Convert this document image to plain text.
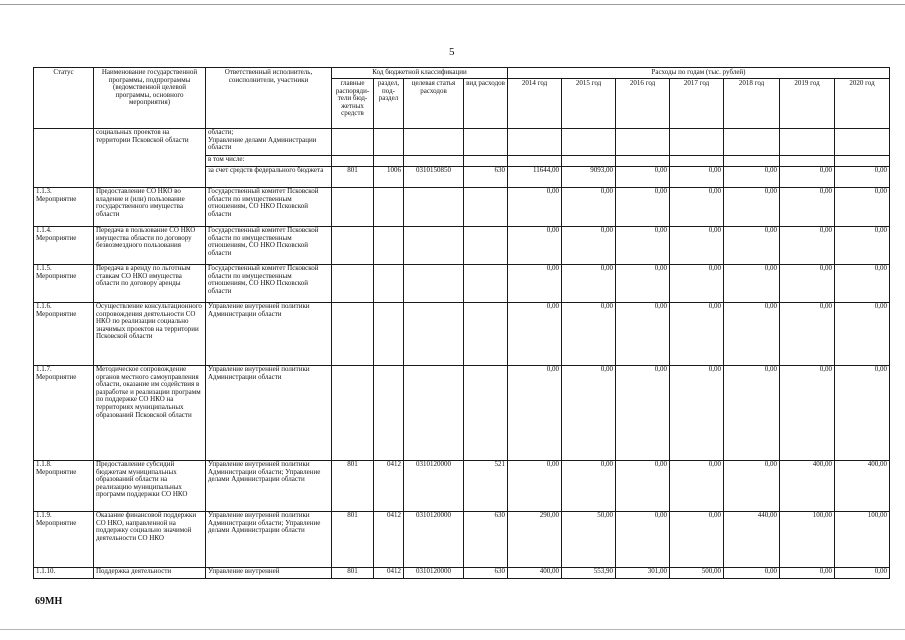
5
Статус	Наименование государственной программы, подпрограммы (ведомственной целевой программы, основного мероприятия)	Ответственный исполнитель, соисполнители, участники	Код бюджетной классификации				Расходы по годам (тыс. рублей)						
			главные распоряди-тели бюд-жетных средств	раздел, под-раздел	целевая статья расходов	вид расходов	2014 год	2015 год	2016 год	2017 год	2018 год	2019 год	2020 год
	социальных проектов на территории Псковской области	области;
Управление делами Администрации области											

		в том числе:											
		за счет средств федерального бюджета	801	1006	0310150850	630	11644,00	9093,00	0,00	0,00	0,00	0,00	0,00
1.1.3. Мероприятие	Предоставление СО НКО во владение и (или) пользование государственного имущества области	Государственный комитет Псковской области по имущественным отношениям, СО НКО Псковской области					0,00	0,00	0,00	0,00	0,00	0,00	0,00
1.1.4. Мероприятие	Передача в пользование СО НКО имущества области по договору безвозмездного пользования	Государственный комитет Псковской области по имущественным отношениям, СО НКО Псковской области					0,00	0,00	0,00	0,00	0,00	0,00	0,00
1.1.5. Мероприятие	Передача в аренду по льготным ставкам СО НКО имущества области по договору аренды	Государственный комитет Псковской области по имущественным отношениям, СО НКО Псковской области					0,00	0,00	0,00	0,00	0,00	0,00	0,00
1.1.6. Мероприятие	Осуществление консультационного сопровождения деятельности СО НКО по реализации социально значимых проектов на территории Псковской области	Управление внутренней политики Администрации области					0,00	0,00	0,00	0,00	0,00	0,00	0,00
1.1.7. Мероприятие	Методическое сопровождение органов местного самоуправления области, оказание им содействия в разработке и реализации программ по поддержке СО НКО на территориях муниципальных образований Псковской области	Управление внутренней политики Администрации области					0,00	0,00	0,00	0,00	0,00	0,00	0,00
1.1.8. Мероприятие	Предоставление субсидий бюджетам муниципальных образований области на реализацию муниципальных программ поддержки СО НКО	Управление внутренней политики Администрации области; Управление делами Администрации области	801	0412	0310120000	521	0,00	0,00	0,00	0,00	0,00	400,00	400,00
1.1.9. Мероприятие	Оказание финансовой поддержки СО НКО, направленной на поддержку социально значимой деятельности СО НКО	Управление внутренней политики Администрации области; Управление делами Администрации области	801	0412	0310120000	630	290,00	50,00	0,00	0,00	440,00	100,00	100,00
1.1.10.	Поддержка деятельности	Управление внутренней	801	0412	0310120000	630	400,00	553,90	301,00	500,00	0,00	0,00	0,00
69МН
